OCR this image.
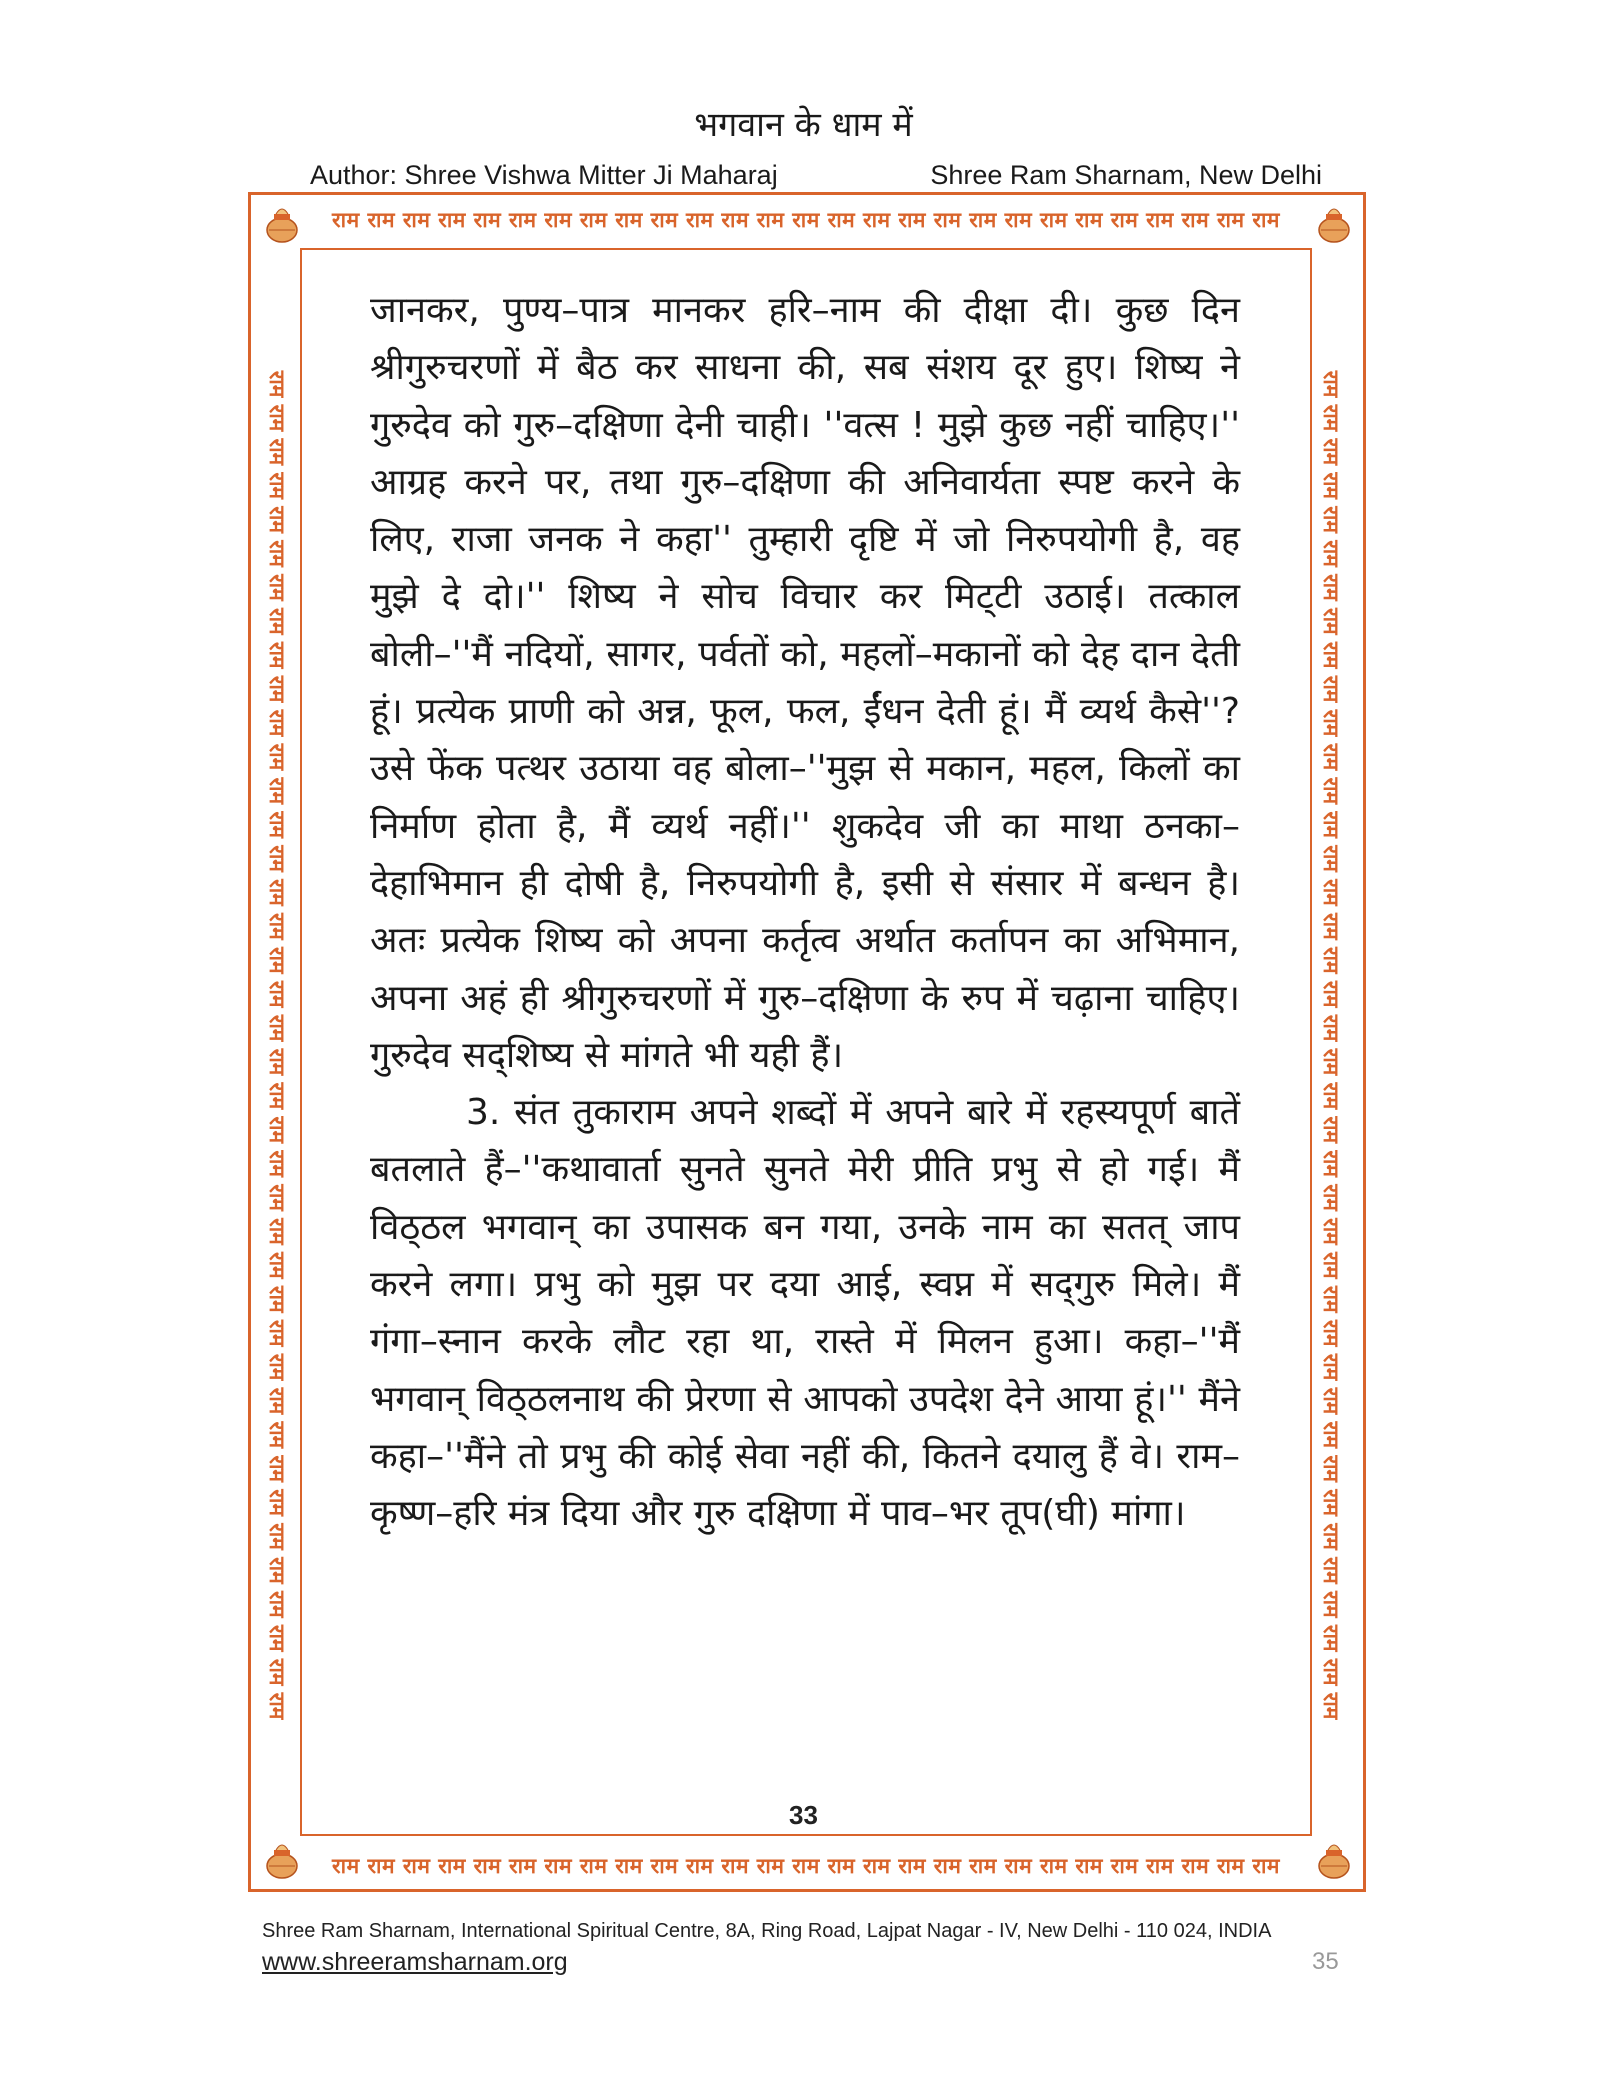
भगवान के धाम में
Author: Shree Vishwa Mitter Ji Maharaj	Shree Ram Sharnam, New Delhi
राम राम राम राम राम राम राम राम राम राम राम राम राम राम राम राम राम राम राम राम राम राम राम राम राम राम राम
राम राम राम राम राम राम राम राम राम राम राम राम राम राम राम राम राम राम राम राम राम राम राम राम राम राम राम
राम राम राम राम राम राम राम राम राम राम राम राम राम राम राम राम राम राम राम राम राम राम राम राम राम राम राम राम राम राम राम राम राम राम राम राम राम राम राम राम	राम राम राम राम राम राम राम राम राम राम राम राम राम राम राम राम राम राम राम राम राम राम राम राम राम राम राम राम राम राम राम राम राम राम राम राम राम राम राम राम

जानकर, पुण्य–पात्र मानकर हरि–नाम की दीक्षा दी। कुछ दिन श्रीगुरुचरणों में बैठ कर साधना की, सब संशय दूर हुए। शिष्य ने गुरुदेव को गुरु–दक्षिणा देनी चाही। ''वत्स ! मुझे कुछ नहीं चाहिए।'' आग्रह करने पर, तथा गुरु–दक्षिणा की अनिवार्यता स्पष्ट करने के लिए, राजा जनक ने कहा'' तुम्हारी दृष्टि में जो निरुपयोगी है, वह मुझे दे दो।'' शिष्य ने सोच विचार कर मिट्‌टी उठाई। तत्काल बोली–''मैं नदियों, सागर, पर्वतों को, महलों–मकानों को देह दान देती हूं। प्रत्येक प्राणी को अन्न, फूल, फल, ईंधन देती हूं। मैं व्यर्थ कैसे''? उसे फेंक पत्थर उठाया वह बोला–''मुझ से मकान, महल, किलों का निर्माण होता है, मैं व्यर्थ नहीं।'' शुकदेव जी का माथा ठनका–देहाभिमान ही दोषी है, निरुपयोगी है, इसी से संसार में बन्धन है। अतः प्रत्येक शिष्य को अपना कर्तृत्व अर्थात कर्तापन का अभिमान, अपना अहं ही श्रीगुरुचरणों में गुरु–दक्षिणा के रुप में चढ़ाना चाहिए। गुरुदेव सद्‌शिष्य से मांगते भी यही हैं।

3. संत तुकाराम अपने शब्दों में अपने बारे में रहस्यपूर्ण बातें बतलाते हैं–''कथावार्ता सुनते सुनते मेरी प्रीति प्रभु से हो गई। मैं विठ्‌ठल भगवान् का उपासक बन गया, उनके नाम का सतत् जाप करने लगा। प्रभु को मुझ पर दया आई, स्वप्न में सद्‌गुरु मिले। मैं गंगा–स्नान करके लौट रहा था, रास्ते में मिलन हुआ। कहा–''मैं भगवान् विठ्‌ठलनाथ की प्रेरणा से आपको उपदेश देने आया हूं।'' मैंने कहा–''मैंने तो प्रभु की कोई सेवा नहीं की, कितने दयालु हैं वे। राम–कृष्ण–हरि मंत्र दिया और गुरु दक्षिणा में पाव–भर तूप(घी) मांगा।

33
Shree Ram Sharnam, International Spiritual Centre, 8A, Ring Road, Lajpat Nagar - IV, New Delhi - 110 024, INDIA
www.shreeramsharnam.org	35
